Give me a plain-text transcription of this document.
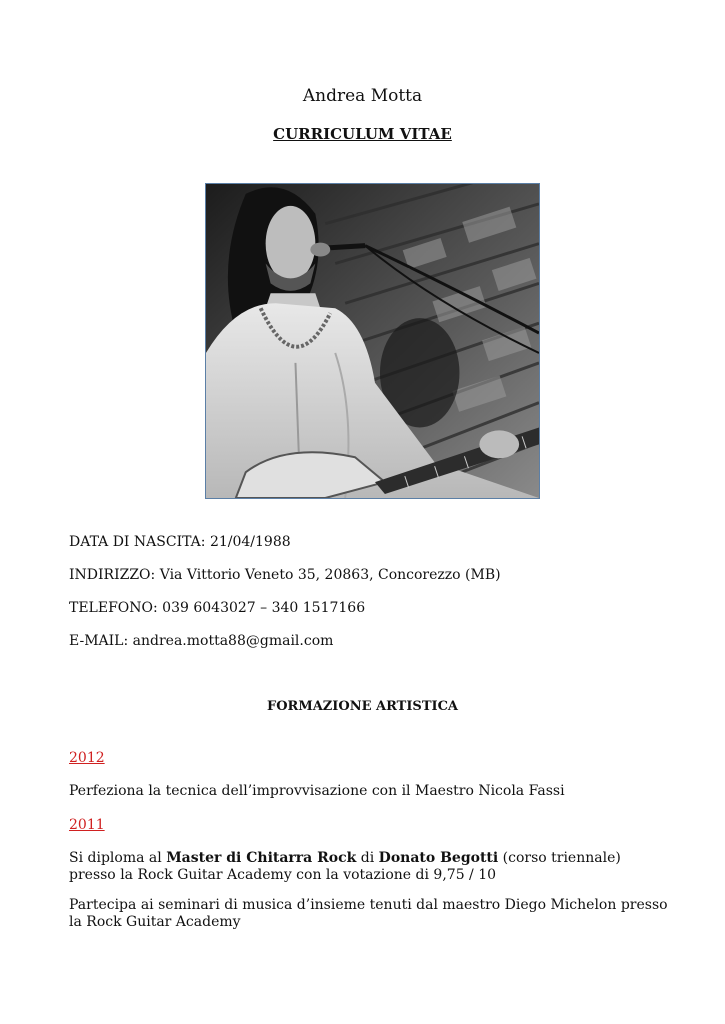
Andrea Motta
CURRICULUM VITAE
DATA DI NASCITA: 21/04/1988
INDIRIZZO: Via Vittorio Veneto 35, 20863, Concorezzo (MB)
TELEFONO: 039 6043027 – 340 1517166
E-MAIL: andrea.motta88@gmail.com
FORMAZIONE ARTISTICA
2012
Perfeziona la tecnica dell’improvvisazione con il Maestro Nicola Fassi
2011
Si diploma al Master di Chitarra Rock di Donato Begotti (corso triennale) presso la Rock Guitar Academy con la votazione di 9,75 / 10
Partecipa ai seminari di musica d’insieme tenuti dal maestro Diego Michelon presso la Rock Guitar Academy
